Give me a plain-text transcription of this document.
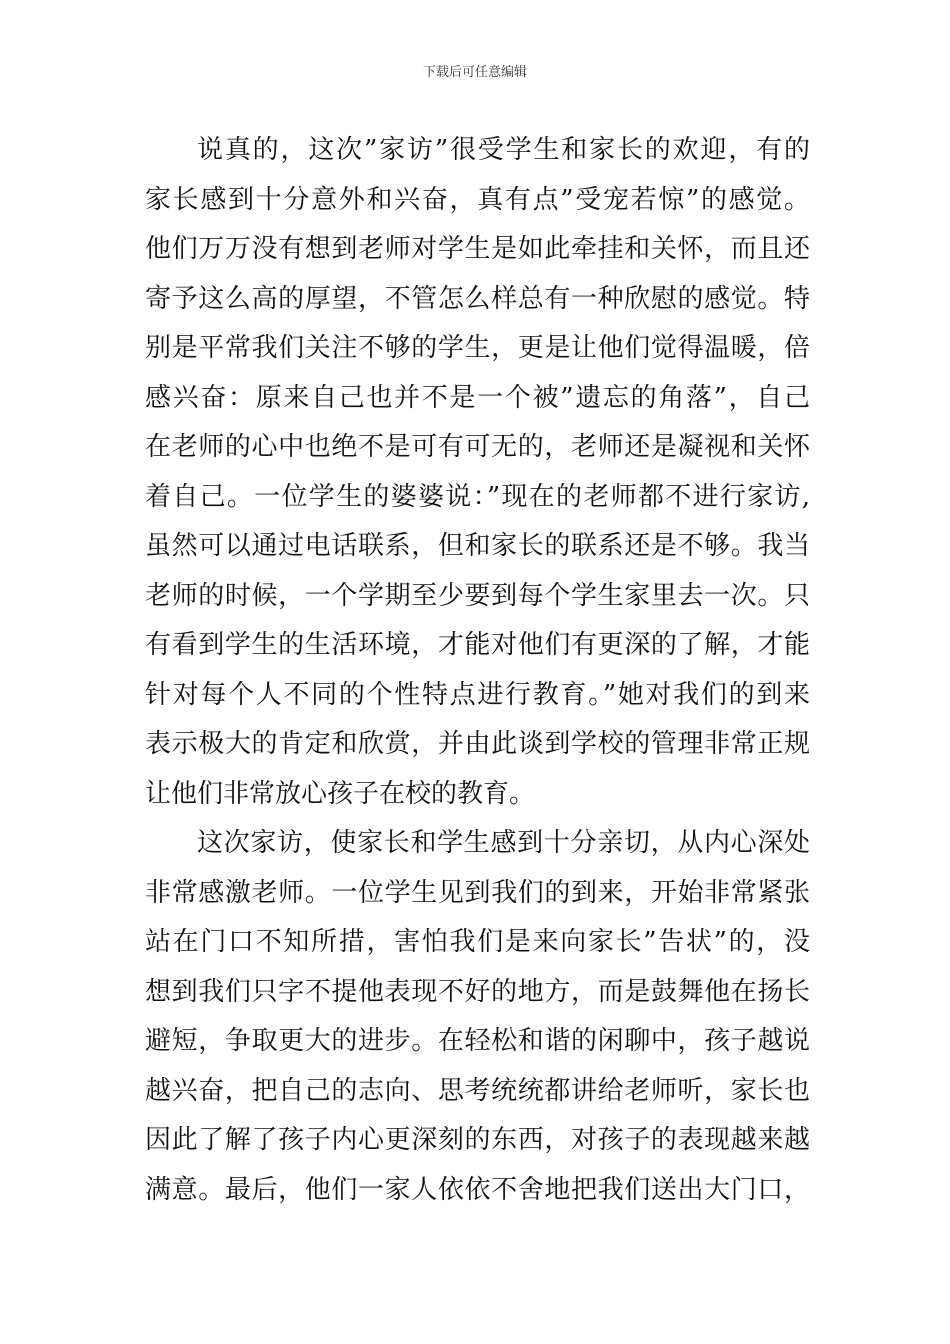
下载后可任意编辑
说真的，这次”家访”很受学生和家长的欢迎，有的
家长感到十分意外和兴奋，真有点”受宠若惊”的感觉。
他们万万没有想到老师对学生是如此牵挂和关怀，而且还
寄予这么高的厚望，不管怎么样总有一种欣慰的感觉。特
别是平常我们关注不够的学生，更是让他们觉得温暖，倍
感兴奋：原来自己也并不是一个被”遗忘的角落”，自己
在老师的心中也绝不是可有可无的，老师还是凝视和关怀
着自己。一位学生的婆婆说：”现在的老师都不进行家访,
虽然可以通过电话联系，但和家长的联系还是不够。我当
老师的时候，一个学期至少要到每个学生家里去一次。只
有看到学生的生活环境，才能对他们有更深的了解，才能
针对每个人不同的个性特点进行教育。”她对我们的到来
表示极大的肯定和欣赏，并由此谈到学校的管理非常正规
让他们非常放心孩子在校的教育。
这次家访，使家长和学生感到十分亲切，从内心深处
非常感激老师。一位学生见到我们的到来，开始非常紧张
站在门口不知所措，害怕我们是来向家长”告状”的，没
想到我们只字不提他表现不好的地方，而是鼓舞他在扬长
避短，争取更大的进步。在轻松和谐的闲聊中，孩子越说
越兴奋，把自己的志向、思考统统都讲给老师听，家长也
因此了解了孩子内心更深刻的东西，对孩子的表现越来越
满意。最后，他们一家人依依不舍地把我们送出大门口，
